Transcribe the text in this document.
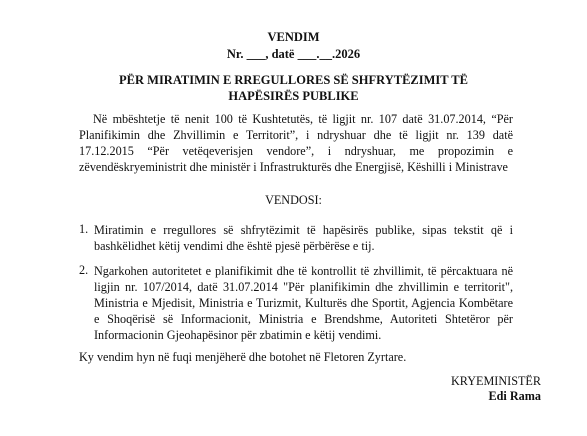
VENDIM
Nr. ___, datë ___.__.2026
PËR MIRATIMIN E RREGULLORES SË SHFRYTËZIMIT TË
HAPËSIRËS PUBLIKE
Në mbështetje të nenit 100 të Kushtetutës, të ligjit nr. 107 datë 31.07.2014, “Për Planifikimin dhe Zhvillimin e Territorit”, i ndryshuar dhe të ligjit nr. 139 datë 17.12.2015 “Për vetëqeverisjen vendore”, i ndryshuar, me propozimin e zëvendëskryeministrit dhe ministër i Infrastrukturës dhe Energjisë, Këshilli i Ministrave
VENDOSI:
1. Miratimin e rregullores së shfrytëzimit të hapësirës publike, sipas tekstit që i bashkëlidhet këtij vendimi dhe është pjesë përbërëse e tij.
2. Ngarkohen autoritetet e planifikimit dhe të kontrollit të zhvillimit, të përcaktuara në ligjin nr. 107/2014, datë 31.07.2014 "Për planifikimin dhe zhvillimin e territorit", Ministria e Mjedisit, Ministria e Turizmit, Kulturës dhe Sportit, Agjencia Kombëtare e Shoqërisë së Informacionit, Ministria e Brendshme, Autoriteti Shtetëror për Informacionin Gjeohapësinor për zbatimin e këtij vendimi.
Ky vendim hyn në fuqi menjëherë dhe botohet në Fletoren Zyrtare.
KRYEMINISTËR
Edi Rama
